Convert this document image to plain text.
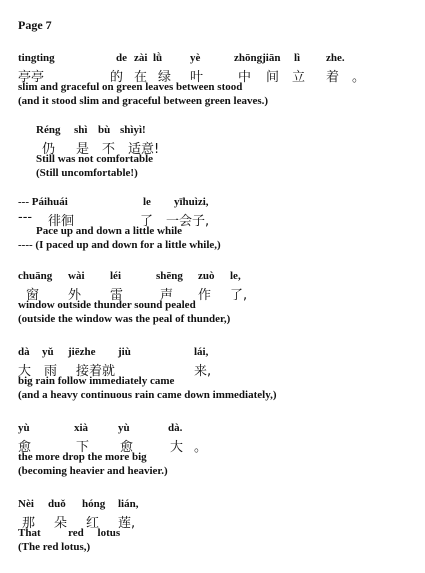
Page 7
tingting	de zài lǜ	yè	zhōngjiān lì zhe.
亭亭	的 在 绿 叶	中 间 立 着 。
slim and graceful on green leaves between stood
(and it stood slim and graceful between green leaves.)
Réng shì bù shìyì!
仍 是 不 适意!
Still was not comfortable
(Still uncomfortable!)
--- Páihuái	le yīhuìzi,
--- 徘徊	了 一会子,
Pace up and down a little while
---- (I paced up and down for a little while,)
chuāng wài léi	shēng zuò le,
窗 外 雷	声 作 了,
window outside thunder sound pealed
(outside the window was the peal of thunder,)
dà yǔ jiēzhe jiù	lái,
大 雨 接着就	来,
big rain follow immediately came
(and a heavy continuous rain came down immediately,)
yù	xià	yù	dà.
愈	下 愈	大 。
the more drop the more big
(becoming heavier and heavier.)
Nèi duǒ hóng lián,
那 朵 红 莲,
That          red     lotus
(The red lotus,)
